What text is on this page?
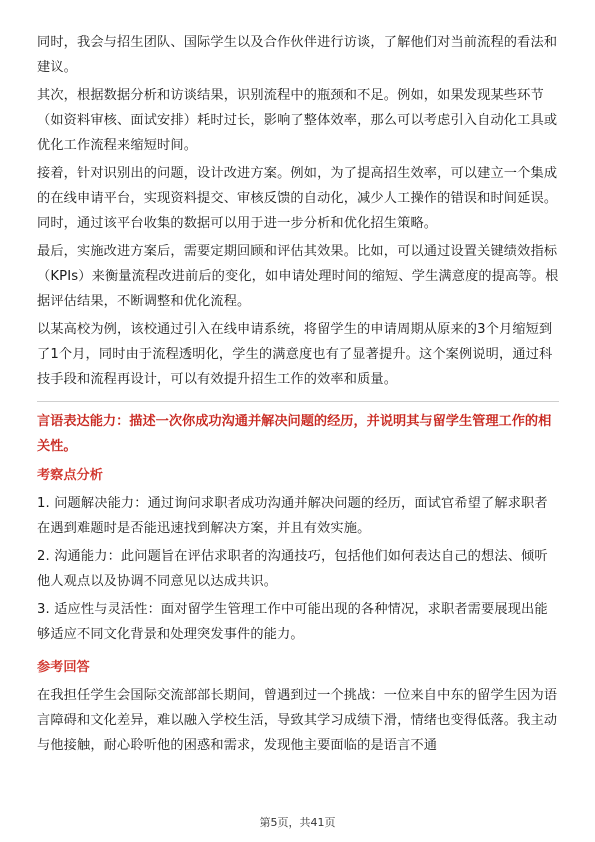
同时，我会与招生团队、国际学生以及合作伙伴进行访谈，了解他们对当前流程的看法和建议。

其次，根据数据分析和访谈结果，识别流程中的瓶颈和不足。例如，如果发现某些环节（如资料审核、面试安排）耗时过长，影响了整体效率，那么可以考虑引入自动化工具或优化工作流程来缩短时间。

接着，针对识别出的问题，设计改进方案。例如，为了提高招生效率，可以建立一个集成的在线申请平台，实现资料提交、审核反馈的自动化，减少人工操作的错误和时间延误。同时，通过该平台收集的数据可以用于进一步分析和优化招生策略。

最后，实施改进方案后，需要定期回顾和评估其效果。比如，可以通过设置关键绩效指标（KPIs）来衡量流程改进前后的变化，如申请处理时间的缩短、学生满意度的提高等。根据评估结果，不断调整和优化流程。

以某高校为例，该校通过引入在线申请系统，将留学生的申请周期从原来的3个月缩短到了1个月，同时由于流程透明化，学生的满意度也有了显著提升。这个案例说明，通过科技手段和流程再设计，可以有效提升招生工作的效率和质量。

言语表达能力：描述一次你成功沟通并解决问题的经历，并说明其与留学生管理工作的相关性。

考察点分析

1. 问题解决能力：通过询问求职者成功沟通并解决问题的经历，面试官希望了解求职者在遇到难题时是否能迅速找到解决方案，并且有效实施。

2. 沟通能力：此问题旨在评估求职者的沟通技巧，包括他们如何表达自己的想法、倾听他人观点以及协调不同意见以达成共识。

3. 适应性与灵活性：面对留学生管理工作中可能出现的各种情况，求职者需要展现出能够适应不同文化背景和处理突发事件的能力。

参考回答

在我担任学生会国际交流部部长期间，曾遇到过一个挑战：一位来自中东的留学生因为语言障碍和文化差异，难以融入学校生活，导致其学习成绩下滑，情绪也变得低落。我主动与他接触，耐心聆听他的困惑和需求，发现他主要面临的是语言不通

第5页，共41页
